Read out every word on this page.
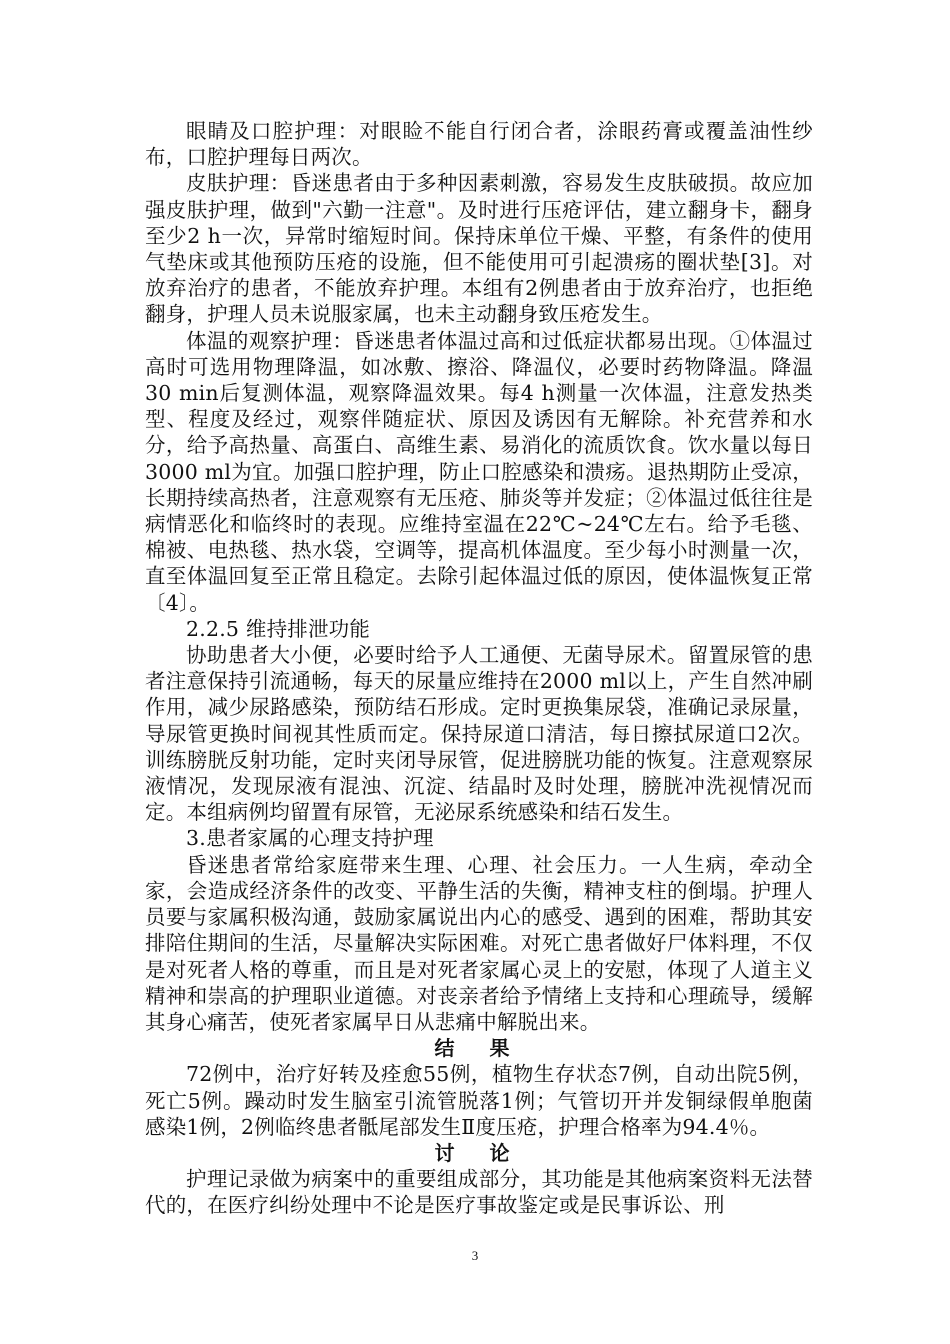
眼睛及口腔护理：对眼睑不能自行闭合者，涂眼药膏或覆盖油性纱布，口腔护理每日两次。

皮肤护理：昏迷患者由于多种因素刺激，容易发生皮肤破损。故应加强皮肤护理，做到"六勤一注意"。及时进行压疮评估，建立翻身卡，翻身至少2 h一次，异常时缩短时间。保持床单位干燥、平整，有条件的使用气垫床或其他预防压疮的设施，但不能使用可引起溃疡的圈状垫[3]。对放弃治疗的患者，不能放弃护理。本组有2例患者由于放弃治疗，也拒绝翻身，护理人员未说服家属，也未主动翻身致压疮发生。

体温的观察护理：昏迷患者体温过高和过低症状都易出现。①体温过高时可选用物理降温，如冰敷、擦浴、降温仪，必要时药物降温。降温30 min后复测体温，观察降温效果。每4 h测量一次体温，注意发热类型、程度及经过，观察伴随症状、原因及诱因有无解除。补充营养和水分，给予高热量、高蛋白、高维生素、易消化的流质饮食。饮水量以每日3000 ml为宜。加强口腔护理，防止口腔感染和溃疡。退热期防止受凉，长期持续高热者，注意观察有无压疮、肺炎等并发症；②体温过低往往是病情恶化和临终时的表现。应维持室温在22℃~24℃左右。给予毛毯、棉被、电热毯、热水袋，空调等，提高机体温度。至少每小时测量一次，直至体温回复至正常且稳定。去除引起体温过低的原因，使体温恢复正常〔4〕。

2.2.5 维持排泄功能

协助患者大小便，必要时给予人工通便、无菌导尿术。留置尿管的患者注意保持引流通畅，每天的尿量应维持在2000 ml以上，产生自然冲刷作用，减少尿路感染，预防结石形成。定时更换集尿袋，准确记录尿量，导尿管更换时间视其性质而定。保持尿道口清洁，每日擦拭尿道口2次。训练膀胱反射功能，定时夹闭导尿管，促进膀胱功能的恢复。注意观察尿液情况，发现尿液有混浊、沉淀、结晶时及时处理，膀胱冲洗视情况而定。本组病例均留置有尿管，无泌尿系统感染和结石发生。

3.患者家属的心理支持护理

昏迷患者常给家庭带来生理、心理、社会压力。一人生病，牵动全家，会造成经济条件的改变、平静生活的失衡，精神支柱的倒塌。护理人员要与家属积极沟通，鼓励家属说出内心的感受、遇到的困难，帮助其安排陪住期间的生活，尽量解决实际困难。对死亡患者做好尸体料理，不仅是对死者人格的尊重，而且是对死者家属心灵上的安慰，体现了人道主义精神和崇高的护理职业道德。对丧亲者给予情绪上支持和心理疏导，缓解其身心痛苦，使死者家属早日从悲痛中解脱出来。

结 果

72例中，治疗好转及痊愈55例，植物生存状态7例，自动出院5例，死亡5例。躁动时发生脑室引流管脱落1例；气管切开并发铜绿假单胞菌感染1例，2例临终患者骶尾部发生Ⅱ度压疮，护理合格率为94.4％。

讨 论

护理记录做为病案中的重要组成部分，其功能是其他病案资料无法替代的，在医疗纠纷处理中不论是医疗事故鉴定或是民事诉讼、刑

3
